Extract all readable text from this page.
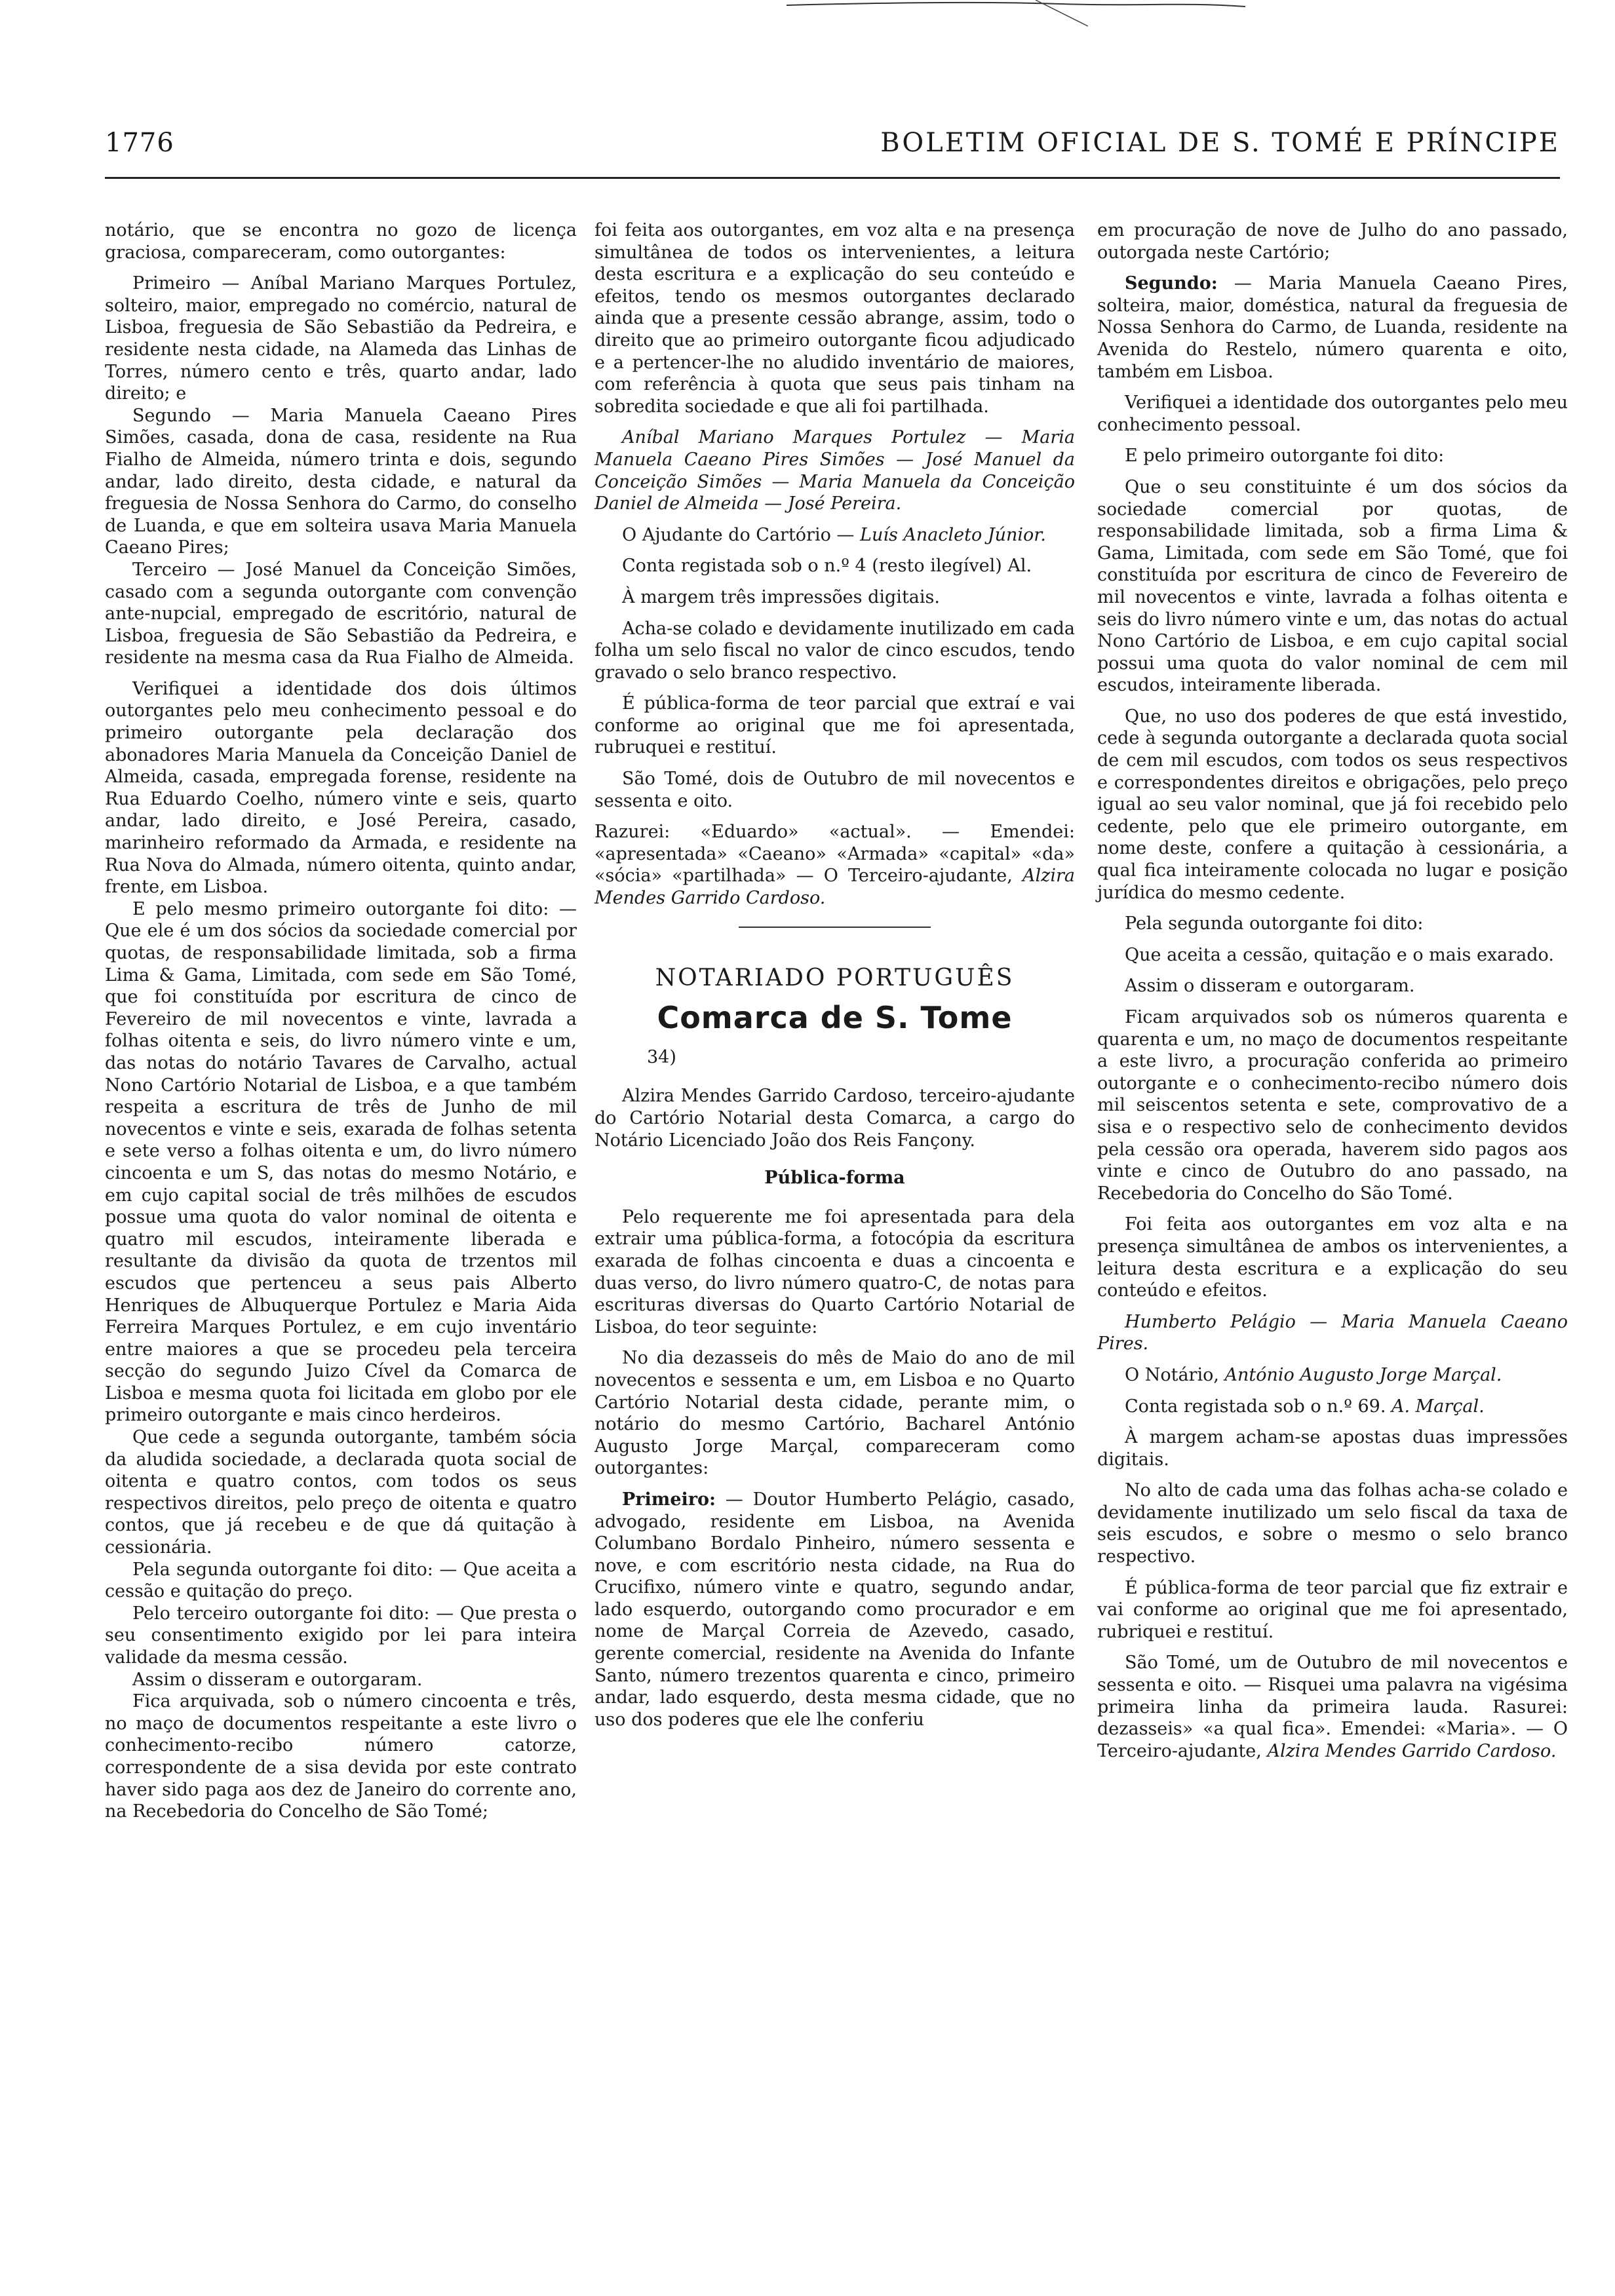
1776	BOLETIM OFICIAL DE S. TOMÉ E PRÍNCIPE

notário, que se encontra no gozo de licença graciosa, compareceram, como outorgantes:

Primeiro — Aníbal Mariano Marques Portulez, solteiro, maior, empregado no comércio, natural de Lisboa, freguesia de São Sebastião da Pedreira, e residente nesta cidade, na Alameda das Linhas de Torres, número cento e três, quarto andar, lado direito; e

Segundo — Maria Manuela Caeano Pires Simões, casada, dona de casa, residente na Rua Fialho de Almeida, número trinta e dois, segundo andar, lado direito, desta cidade, e natural da freguesia de Nossa Senhora do Carmo, do conselho de Luanda, e que em solteira usava Maria Manuela Caeano Pires;

Terceiro — José Manuel da Conceição Simões, casado com a segunda outorgante com convenção ante-nupcial, empregado de escritório, natural de Lisboa, freguesia de São Sebastião da Pedreira, e residente na mesma casa da Rua Fialho de Almeida.

Verifiquei a identidade dos dois últimos outorgantes pelo meu conhecimento pessoal e do primeiro outorgante pela declaração dos abonadores Maria Manuela da Conceição Daniel de Almeida, casada, empregada forense, residente na Rua Eduardo Coelho, número vinte e seis, quarto andar, lado direito, e José Pereira, casado, marinheiro reformado da Armada, e residente na Rua Nova do Almada, número oitenta, quinto andar, frente, em Lisboa.

E pelo mesmo primeiro outorgante foi dito: — Que ele é um dos sócios da sociedade comercial por quotas, de responsabilidade limitada, sob a firma Lima & Gama, Limitada, com sede em São Tomé, que foi constituída por escritura de cinco de Fevereiro de mil novecentos e vinte, lavrada a folhas oitenta e seis, do livro número vinte e um, das notas do notário Tavares de Carvalho, actual Nono Cartório Notarial de Lisboa, e a que também respeita a escritura de três de Junho de mil novecentos e vinte e seis, exarada de folhas setenta e sete verso a folhas oitenta e um, do livro número cincoenta e um S, das notas do mesmo Notário, e em cujo capital social de três milhões de escudos possue uma quota do valor nominal de oitenta e quatro mil escudos, inteiramente liberada e resultante da divisão da quota de trzentos mil escudos que pertenceu a seus pais Alberto Henriques de Albuquerque Portulez e Maria Aida Ferreira Marques Portulez, e em cujo inventário entre maiores a que se procedeu pela terceira secção do segundo Juizo Cível da Comarca de Lisboa e mesma quota foi licitada em globo por ele primeiro outorgante e mais cinco herdeiros.

Que cede a segunda outorgante, também sócia da aludida sociedade, a declarada quota social de oitenta e quatro contos, com todos os seus respectivos direitos, pelo preço de oitenta e quatro contos, que já recebeu e de que dá quitação à cessionária.

Pela segunda outorgante foi dito: — Que aceita a cessão e quitação do preço.

Pelo terceiro outorgante foi dito: — Que presta o seu consentimento exigido por lei para inteira validade da mesma cessão.

Assim o disseram e outorgaram.

Fica arquivada, sob o número cincoenta e três, no maço de documentos respeitante a este livro o conhecimento-recibo número catorze, correspondente de a sisa devida por este contrato haver sido paga aos dez de Janeiro do corrente ano, na Recebedoria do Concelho de São Tomé;

foi feita aos outorgantes, em voz alta e na presença simultânea de todos os intervenientes, a leitura desta escritura e a explicação do seu conteúdo e efeitos, tendo os mesmos outorgantes declarado ainda que a presente cessão abrange, assim, todo o direito que ao primeiro outorgante ficou adjudicado e a pertencer-lhe no aludido inventário de maiores, com referência à quota que seus pais tinham na sobredita sociedade e que ali foi partilhada.

Aníbal Mariano Marques Portulez — Maria Manuela Caeano Pires Simões — José Manuel da Conceição Simões — Maria Manuela da Conceição Daniel de Almeida — José Pereira.

O Ajudante do Cartório — Luís Anacleto Júnior.

Conta registada sob o n.º 4 (resto ilegível) Al.

À margem três impressões digitais.

Acha-se colado e devidamente inutilizado em cada folha um selo fiscal no valor de cinco escudos, tendo gravado o selo branco respectivo.

É pública-forma de teor parcial que extraí e vai conforme ao original que me foi apresentada, rubruquei e restituí.

São Tomé, dois de Outubro de mil novecentos e sessenta e oito.

Razurei: «Eduardo» «actual». — Emendei: «apresentada» «Caeano» «Armada» «capital» «da» «sócia» «partilhada» — O Terceiro-ajudante, Alzira Mendes Garrido Cardoso.

NOTARIADO PORTUGUÊS
Comarca de S. Tome

34)

Alzira Mendes Garrido Cardoso, terceiro-ajudante do Cartório Notarial desta Comarca, a cargo do Notário Licenciado João dos Reis Fançony.

Pública-forma

Pelo requerente me foi apresentada para dela extrair uma pública-forma, a fotocópia da escritura exarada de folhas cincoenta e duas a cincoenta e duas verso, do livro número quatro-C, de notas para escrituras diversas do Quarto Cartório Notarial de Lisboa, do teor seguinte:

No dia dezasseis do mês de Maio do ano de mil novecentos e sessenta e um, em Lisboa e no Quarto Cartório Notarial desta cidade, perante mim, o notário do mesmo Cartório, Bacharel António Augusto Jorge Marçal, compareceram como outorgantes:

Primeiro: — Doutor Humberto Pelágio, casado, advogado, residente em Lisboa, na Avenida Columbano Bordalo Pinheiro, número sessenta e nove, e com escritório nesta cidade, na Rua do Crucifixo, número vinte e quatro, segundo andar, lado esquerdo, outorgando como procurador e em nome de Marçal Correia de Azevedo, casado, gerente comercial, residente na Avenida do Infante Santo, número trezentos quarenta e cinco, primeiro andar, lado esquerdo, desta mesma cidade, que no uso dos poderes que ele lhe conferiu

em procuração de nove de Julho do ano passado, outorgada neste Cartório;

Segundo: — Maria Manuela Caeano Pires, solteira, maior, doméstica, natural da freguesia de Nossa Senhora do Carmo, de Luanda, residente na Avenida do Restelo, número quarenta e oito, também em Lisboa.

Verifiquei a identidade dos outorgantes pelo meu conhecimento pessoal.

E pelo primeiro outorgante foi dito:

Que o seu constituinte é um dos sócios da sociedade comercial por quotas, de responsabilidade limitada, sob a firma Lima & Gama, Limitada, com sede em São Tomé, que foi constituída por escritura de cinco de Fevereiro de mil novecentos e vinte, lavrada a folhas oitenta e seis do livro número vinte e um, das notas do actual Nono Cartório de Lisboa, e em cujo capital social possui uma quota do valor nominal de cem mil escudos, inteiramente liberada.

Que, no uso dos poderes de que está investido, cede à segunda outorgante a declarada quota social de cem mil escudos, com todos os seus respectivos e correspondentes direitos e obrigações, pelo preço igual ao seu valor nominal, que já foi recebido pelo cedente, pelo que ele primeiro outorgante, em nome deste, confere a quitação à cessionária, a qual fica inteiramente colocada no lugar e posição jurídica do mesmo cedente.

Pela segunda outorgante foi dito:

Que aceita a cessão, quitação e o mais exarado.

Assim o disseram e outorgaram.

Ficam arquivados sob os números quarenta e quarenta e um, no maço de documentos respeitante a este livro, a procuração conferida ao primeiro outorgante e o conhecimento-recibo número dois mil seiscentos setenta e sete, comprovativo de a sisa e o respectivo selo de conhecimento devidos pela cessão ora operada, haverem sido pagos aos vinte e cinco de Outubro do ano passado, na Recebedoria do Concelho do São Tomé.

Foi feita aos outorgantes em voz alta e na presença simultânea de ambos os intervenientes, a leitura desta escritura e a explicação do seu conteúdo e efeitos.

Humberto Pelágio — Maria Manuela Caeano Pires.

O Notário, António Augusto Jorge Marçal.

Conta registada sob o n.º 69. A. Marçal.

À margem acham-se apostas duas impressões digitais.

No alto de cada uma das folhas acha-se colado e devidamente inutilizado um selo fiscal da taxa de seis escudos, e sobre o mesmo o selo branco respectivo.

É pública-forma de teor parcial que fiz extrair e vai conforme ao original que me foi apresentado, rubriquei e restituí.

São Tomé, um de Outubro de mil novecentos e sessenta e oito. — Risquei uma palavra na vigésima primeira linha da primeira lauda. Rasurei: dezasseis» «a qual fica». Emendei: «Maria». — O Terceiro-ajudante, Alzira Mendes Garrido Cardoso.
